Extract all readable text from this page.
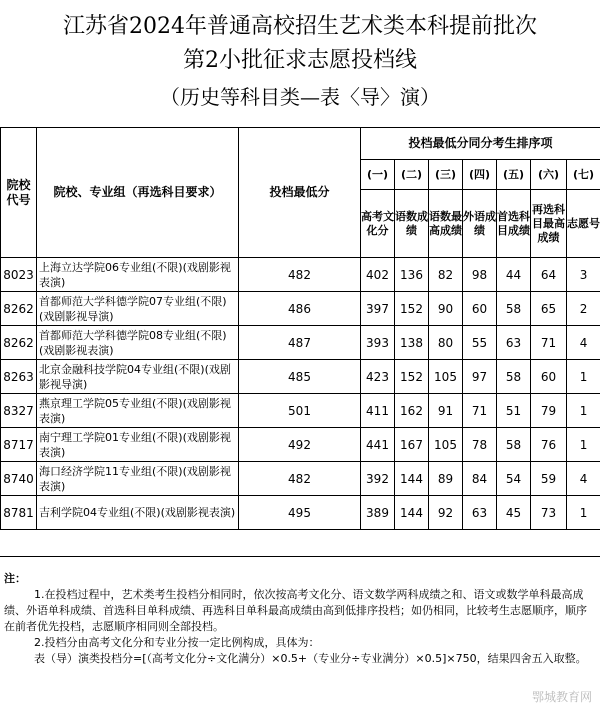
江苏省2024年普通高校招生艺术类本科提前批次
第2小批征求志愿投档线
（历史等科目类—表〈导〉演）
院校代号	院校、专业组（再选科目要求）	投档最低分	投档最低分同分考生排序项						
			(一)	(二)	(三)	(四)	(五)	(六)	(七)
			高考文化分	语数成绩	语数最高成绩	外语成绩	首选科目成绩	再选科目最高成绩	志愿号
8023	上海立达学院06专业组(不限)(戏剧影视表演)	482	402	136	82	98	44	64	3
8262	首都师范大学科德学院07专业组(不限)(戏剧影视导演)	486	397	152	90	60	58	65	2
8262	首都师范大学科德学院08专业组(不限)(戏剧影视表演)	487	393	138	80	55	63	71	4
8263	北京金融科技学院04专业组(不限)(戏剧影视导演)	485	423	152	105	97	58	60	1
8327	燕京理工学院05专业组(不限)(戏剧影视表演)	501	411	162	91	71	51	79	1
8717	南宁理工学院01专业组(不限)(戏剧影视表演)	492	441	167	105	78	58	76	1
8740	海口经济学院11专业组(不限)(戏剧影视表演)	482	392	144	89	84	54	59	4
8781	吉利学院04专业组(不限)(戏剧影视表演)	495	389	144	92	63	45	73	1

注：

1.在投档过程中，艺术类考生投档分相同时，依次按高考文化分、语文数学两科成绩之和、语文或数学单科最高成绩、外语单科成绩、首选科目单科成绩、再选科目单科最高成绩由高到低排序投档；如仍相同，比较考生志愿顺序，顺序在前者优先投档，志愿顺序相同则全部投档。

2.投档分由高考文化分和专业分按一定比例构成，具体为：

表（导）演类投档分=[（高考文化分÷文化满分）×0.5+（专业分÷专业满分）×0.5]×750，结果四舍五入取整。

鄂城教育网
